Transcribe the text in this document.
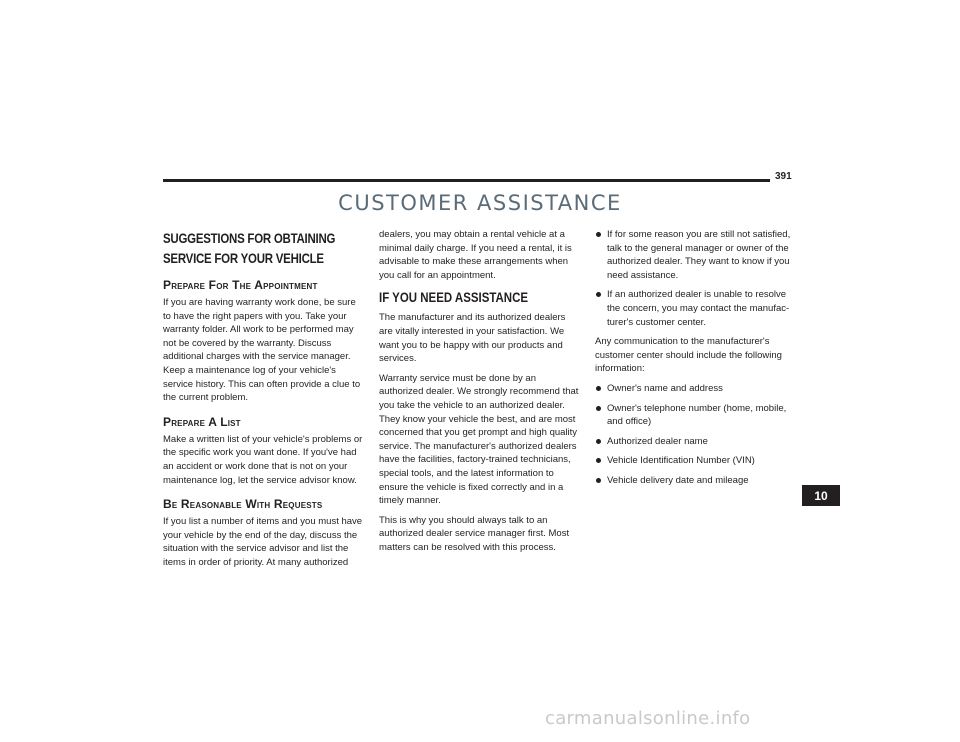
391
CUSTOMER ASSISTANCE
SUGGESTIONS FOR OBTAINING SERVICE FOR YOUR VEHICLE
Prepare For The Appointment

If you are having warranty work done, be sure to have the right papers with you. Take your warranty folder. All work to be performed may not be covered by the warranty. Discuss additional charges with the service manager. Keep a maintenance log of your vehicle's service history. This can often provide a clue to the current problem.

Prepare A List

Make a written list of your vehicle's problems or the specific work you want done. If you've had an accident or work done that is not on your maintenance log, let the service advisor know.

Be Reasonable With Requests

If you list a number of items and you must have your vehicle by the end of the day, discuss the situation with the service advisor and list the items in order of priority. At many authorized

dealers, you may obtain a rental vehicle at a minimal daily charge. If you need a rental, it is advisable to make these arrangements when you call for an appointment.

IF YOU NEED ASSISTANCE

The manufacturer and its authorized dealers are vitally interested in your satisfaction. We want you to be happy with our products and services.

Warranty service must be done by an authorized dealer. We strongly recommend that you take the vehicle to an authorized dealer. They know your vehicle the best, and are most concerned that you get prompt and high quality service. The manufacturer's authorized dealers have the facilities, factory-trained technicians, special tools, and the latest information to ensure the vehicle is fixed correctly and in a timely manner.

This is why you should always talk to an authorized dealer service manager first. Most matters can be resolved with this process.

If for some reason you are still not satisfied, talk to the general manager or owner of the authorized dealer. They want to know if you need assistance.
If an authorized dealer is unable to resolve the concern, you may contact the manufac-turer's customer center.

Any communication to the manufacturer's customer center should include the following information:

Owner's name and address
Owner's telephone number (home, mobile, and office)
Authorized dealer name
Vehicle Identification Number (VIN)
Vehicle delivery date and mileage
10
carmanualsonline.info
